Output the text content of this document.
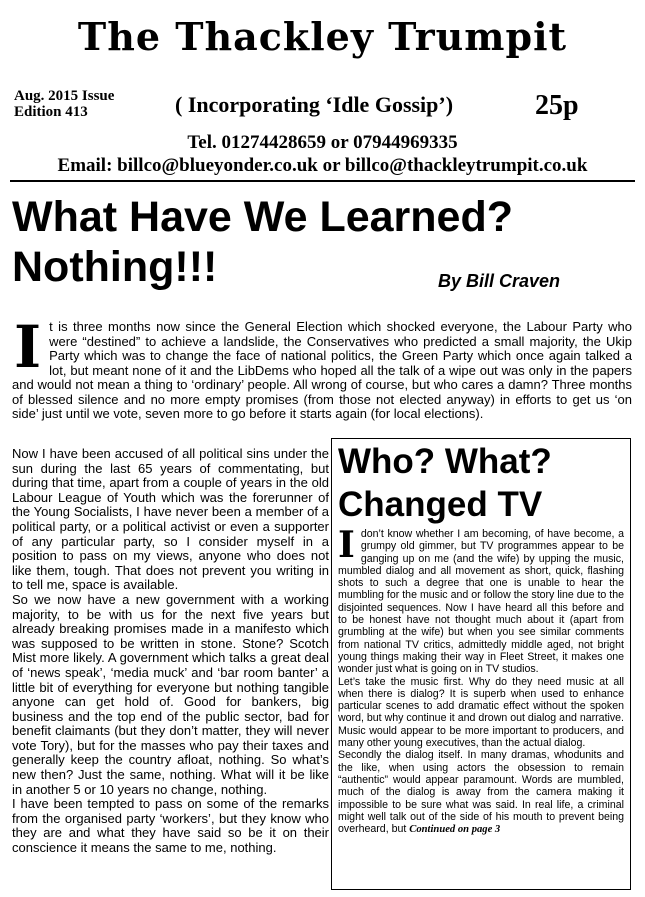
The Thackley Trumpit
Aug. 2015 Issue
Edition 413	( Incorporating ‘Idle Gossip’)	25p
Tel. 01274428659 or 07944969335
Email: billco@blueyonder.co.uk or billco@thackleytrumpit.co.uk
What Have We Learned?
Nothing!!!	By Bill Craven
I t is three months now since the General Election which shocked everyone, the Labour Party who were “destined” to achieve a landslide, the Conservatives who predicted a small majority, the Ukip Party which was to change the face of national politics, the Green Party which once again talked a lot, but meant none of it and the LibDems who hoped all the talk of a wipe out was only in the papers and would not mean a thing to ‘ordinary’ people. All wrong of course, but who cares a damn? Three months of blessed silence and no more empty promises (from those not elected anyway) in efforts to get us ‘on side’ just until we vote, seven more to go before it starts again (for local elections).

Now I have been accused of all political sins under the sun during the last 65 years of commentating, but during that time, apart from a couple of years in the old Labour League of Youth which was the forerunner of the Young Socialists, I have never been a member of a political party, or a political activist or even a supporter of any particular party, so I consider myself in a position to pass on my views, anyone who does not like them, tough. That does not prevent you writing in to tell me, space is available.

So we now have a new government with a working majority, to be with us for the next five years but already breaking promises made in a manifesto which was supposed to be written in stone. Stone? Scotch Mist more likely. A government which talks a great deal of ‘news speak’, ‘media muck’ and ‘bar room banter’ a little bit of everything for everyone but nothing tangible anyone can get hold of. Good for bankers, big business and the top end of the public sector, bad for benefit claimants (but they don’t matter, they will never vote Tory), but for the masses who pay their taxes and generally keep the country afloat, nothing. So what’s new then? Just the same, nothing. What will it be like in another 5 or 10 years no change, nothing.

I have been tempted to pass on some of the remarks from the organised party ‘workers’, but they know who they are and what they have said so be it on their conscience it means the same to me, nothing.

Who? What?
Changed TV

Idon’t know whether I am becoming, of have become, a grumpy old gimmer, but TV programmes appear to be ganging up on me (and the wife) by upping the music, mumbled dialog and all movement as short, quick, flashing shots to such a degree that one is unable to hear the mumbling for the music and or follow the story line due to the disjointed sequences. Now I have heard all this before and to be honest have not thought much about it (apart from grumbling at the wife) but when you see similar comments from national TV critics, admittedly middle aged, not bright young things making their way in Fleet Street, it makes one wonder just what is going on in TV studios.

Let’s take the music first. Why do they need music at all when there is dialog? It is superb when used to enhance particular scenes to add dramatic effect without the spoken word, but why continue it and drown out dialog and narrative. Music would appear to be more important to producers, and many other young executives, than the actual dialog.

Secondly the dialog itself. In many dramas, whodunits and the like, when using actors the obsession to remain “authentic” would appear paramount. Words are mumbled, much of the dialog is away from the camera making it impossible to be sure what was said. In real life, a criminal might well talk out of the side of his mouth to prevent being overheard, but Continued on page 3
